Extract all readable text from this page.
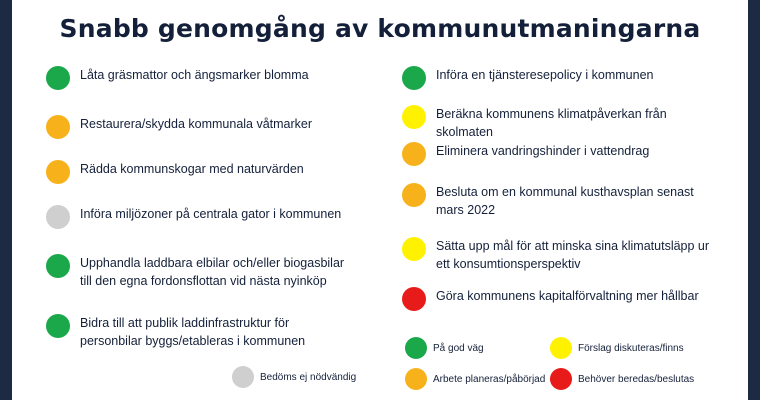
Snabb genomgång av kommunutmaningarna
Låta gräsmattor och ängsmarker blomma
Restaurera/skydda kommunala våtmarker
Rädda kommunskogar med naturvärden
Införa miljözoner på centrala gator i kommunen
Upphandla laddbara elbilar och/eller biogasbilar till den egna fordonsflottan vid nästa nyinköp
Bidra till att publik laddinfrastruktur för personbilar byggs/etableras i kommunen
Införa en tjänsteresepolicy i kommunen
Beräkna kommunens klimatpåverkan från skolmaten
Eliminera vandringshinder i vattendrag
Besluta om en kommunal kusthavsplan senast mars 2022
Sätta upp mål för att minska sina klimatutsläpp ur ett konsumtionsperspektiv
Göra kommunens kapitalförvaltning mer hållbar
Bedöms ej nödvändig
På god väg	Förslag diskuteras/finns
Arbete planeras/påbörjad	Behöver beredas/beslutas
